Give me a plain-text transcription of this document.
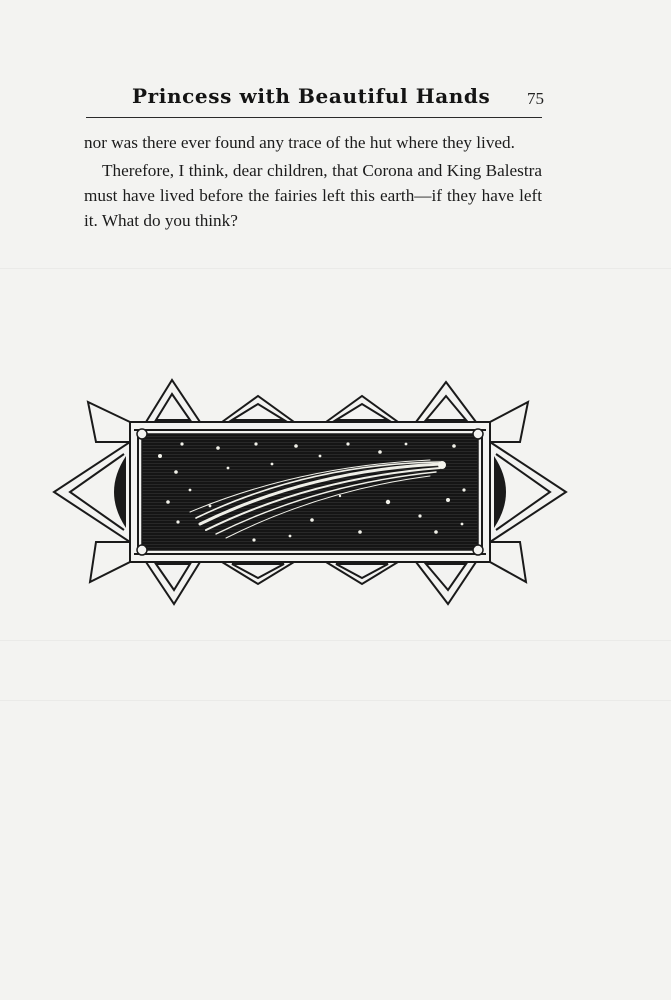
Princess with Beautiful Hands 75

nor was there ever found any trace of the hut where they lived.

Therefore, I think, dear children, that Corona and King Balestra must have lived before the fairies left this earth—if they have left it. What do you think?
